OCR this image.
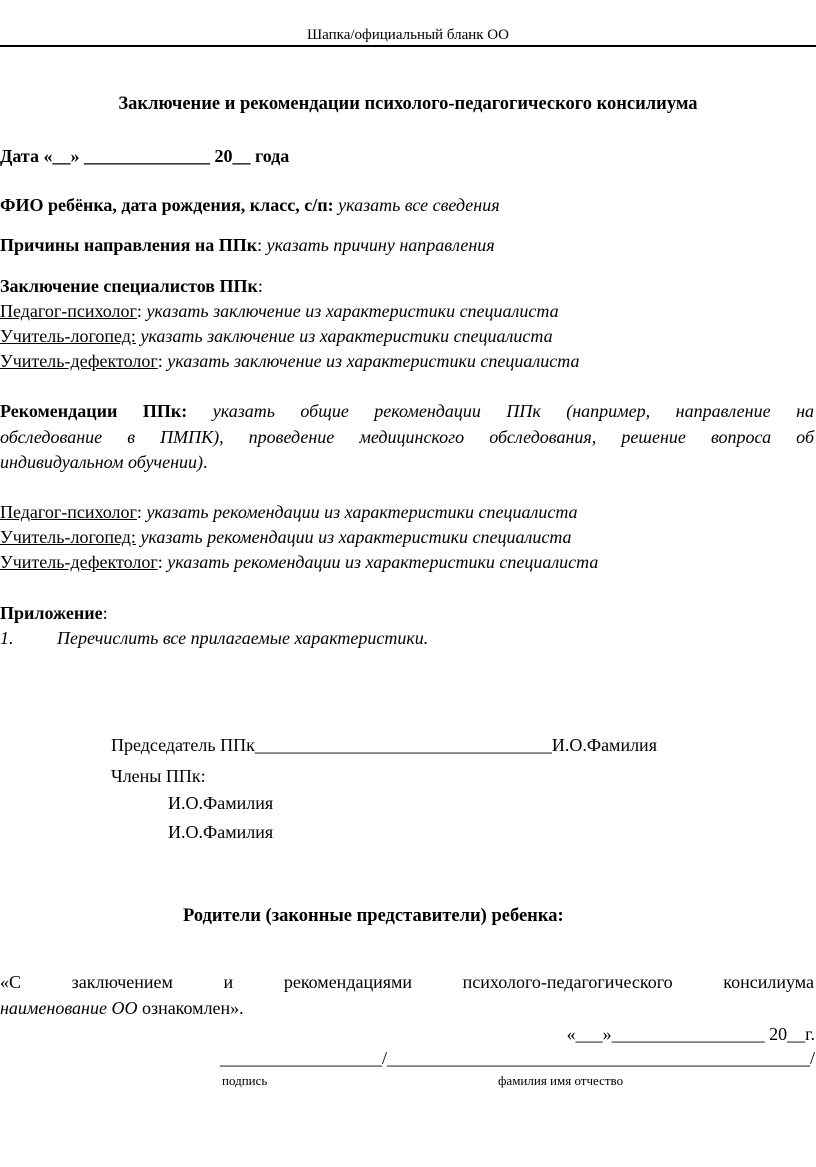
Шапка/официальный бланк ОО
Заключение и рекомендации психолого-педагогического консилиума
Дата «__» ______________ 20__ года
ФИО ребёнка, дата рождения, класс, с/п: указать все сведения
Причины направления на ППк: указать причину направления
Заключение специалистов ППк:
Педагог-психолог: указать заключение из характеристики специалиста
Учитель-логопед: указать заключение из характеристики специалиста
Учитель-дефектолог: указать заключение из характеристики специалиста
Рекомендации ППк: указать общие рекомендации ППк (например, направление на
обследование в ПМПК), проведение медицинского обследования, решение вопроса об
индивидуальном обучении).
Педагог-психолог: указать рекомендации из характеристики специалиста
Учитель-логопед: указать рекомендации из характеристики специалиста
Учитель-дефектолог: указать рекомендации из характеристики специалиста
Приложение:
1. Перечислить все прилагаемые характеристики.
Председатель ППк_________________________________И.О.Фамилия
Члены ППк:
И.О.Фамилия
И.О.Фамилия
Родители (законные представители) ребенка:
«С заключением и рекомендациями психолого-педагогического консилиума
наименование ОО ознакомлен».
«___»_________________ 20__г.
__________________/_______________________________________________/
подпись	фамилия имя отчество
